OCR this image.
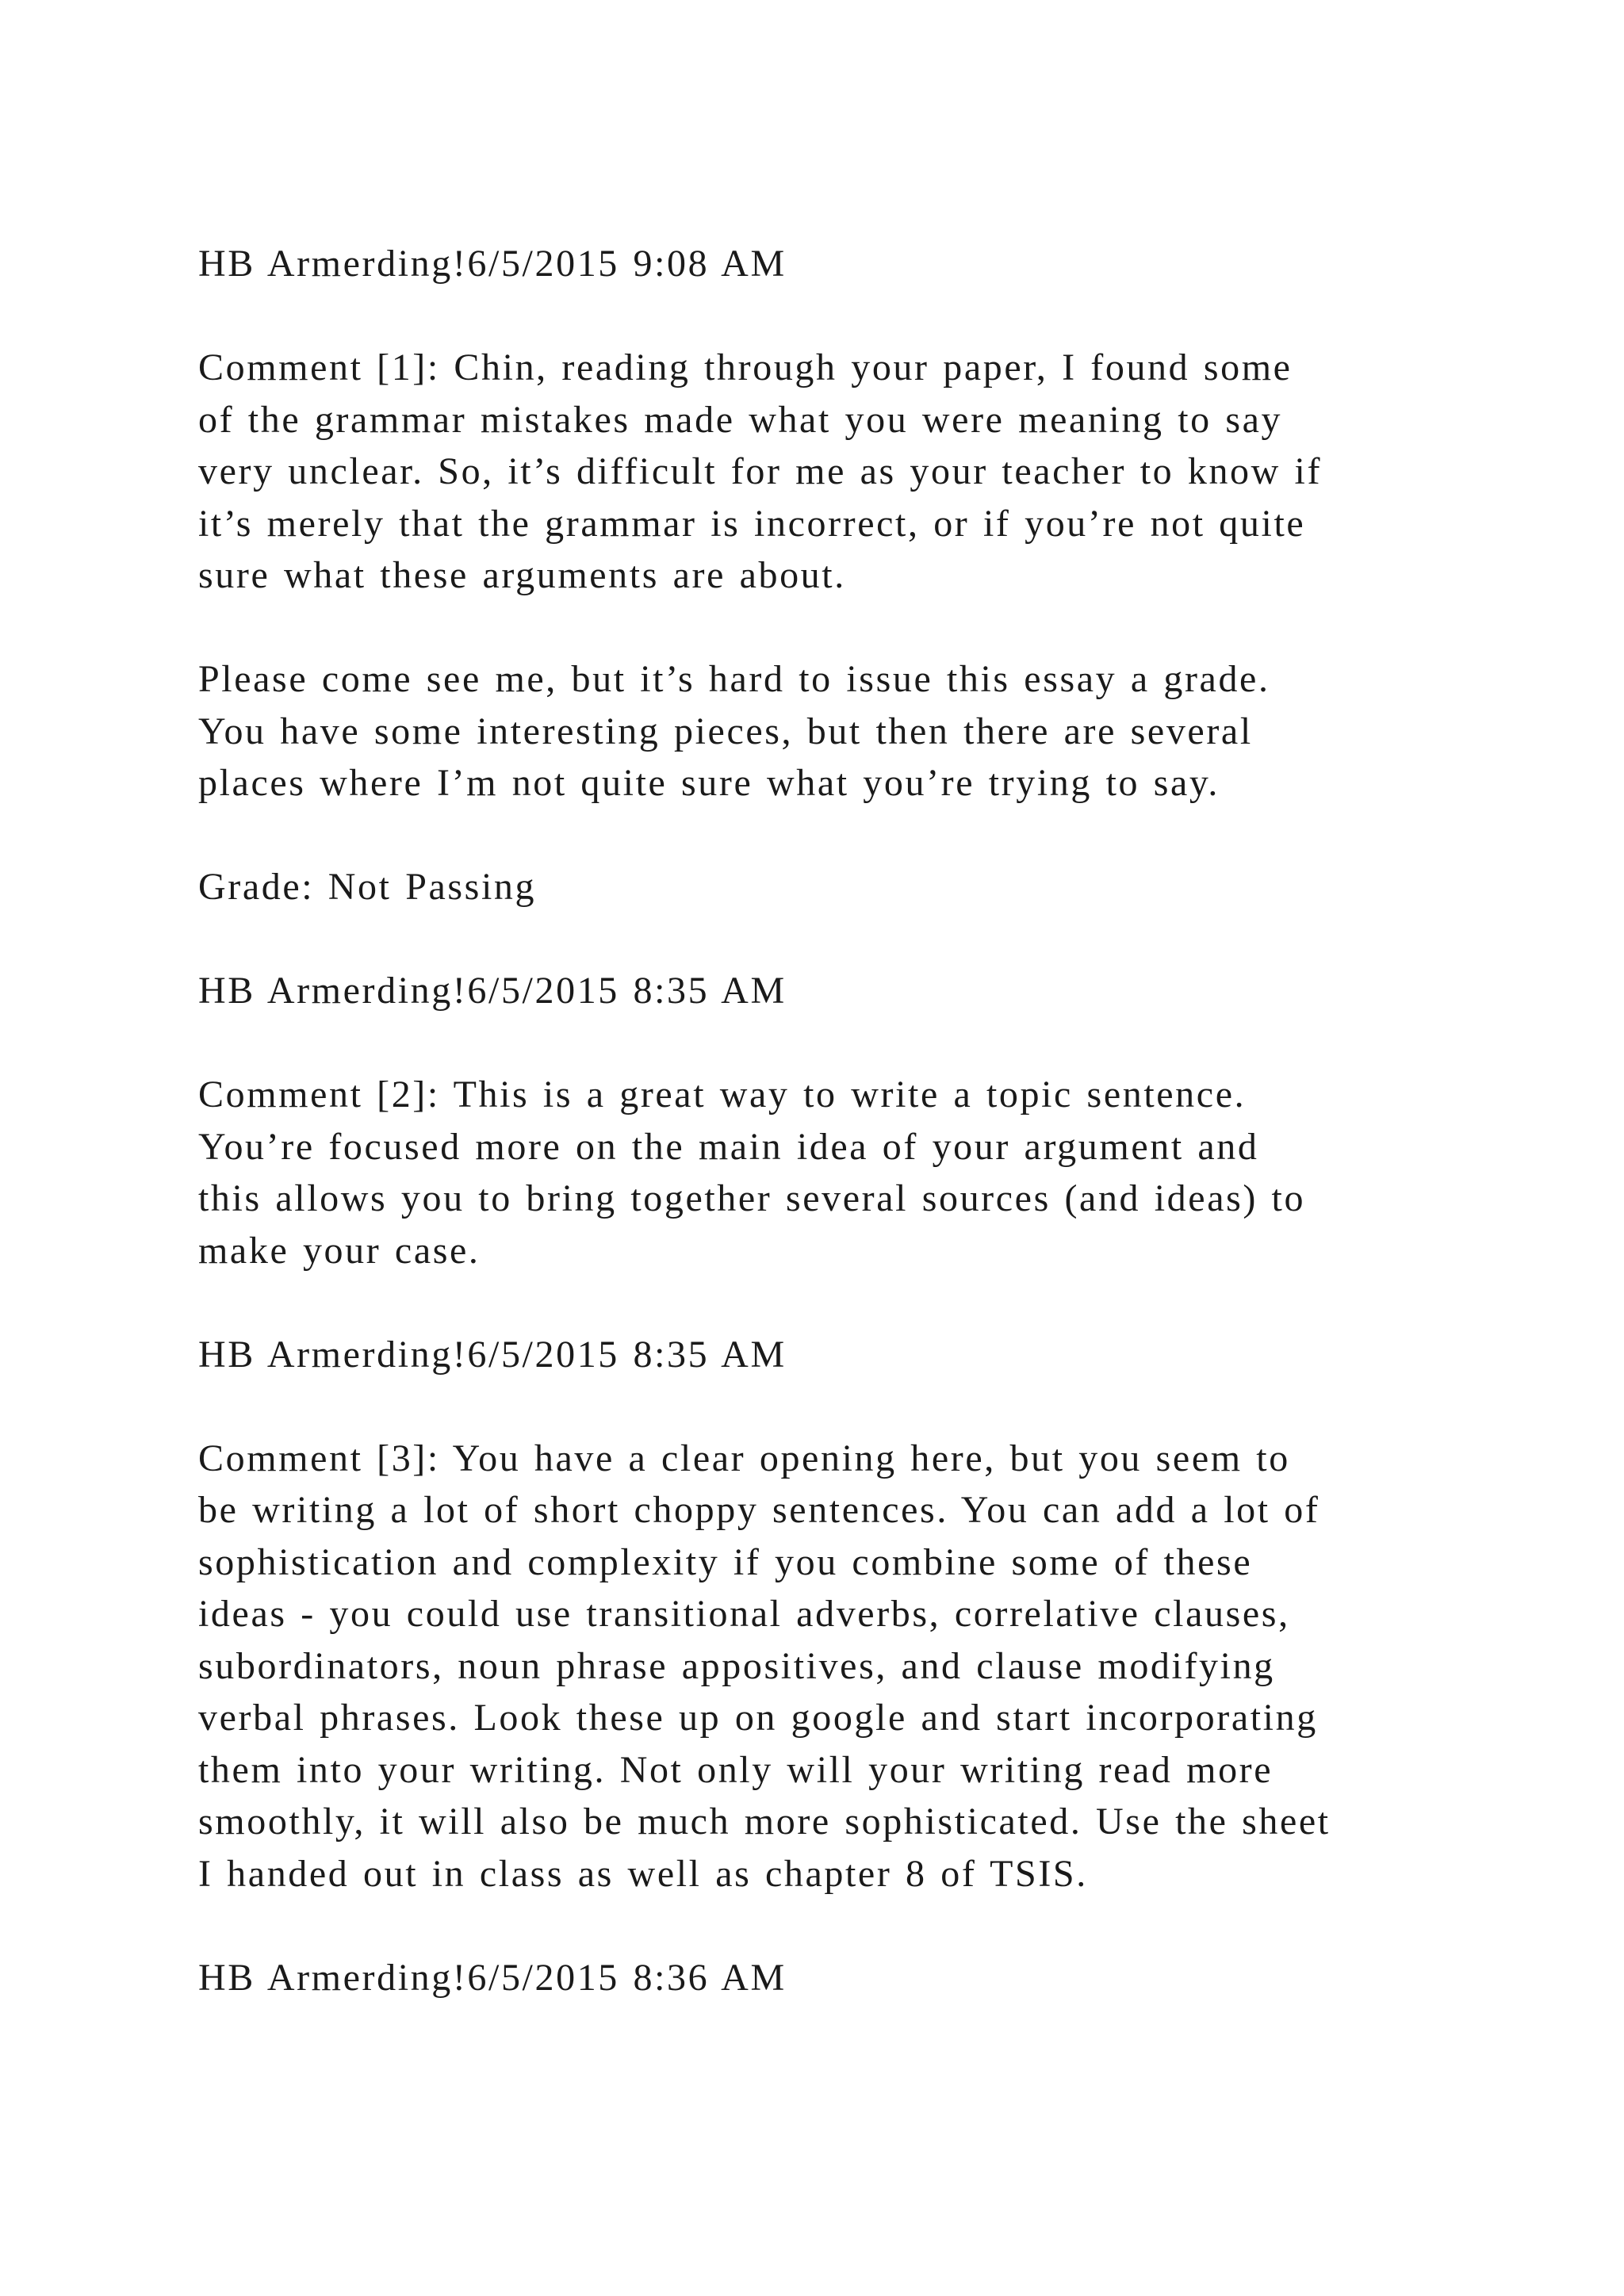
HB Armerding!6/5/2015 9:08 AM

Comment [1]: Chin, reading through your paper, I found some
of the grammar mistakes made what you were meaning to say
very unclear. So, it’s difficult for me as your teacher to know if
it’s merely that the grammar is incorrect, or if you’re not quite
sure what these arguments are about.

Please come see me, but it’s hard to issue this essay a grade.
You have some interesting pieces, but then there are several
places where I’m not quite sure what you’re trying to say.

Grade: Not Passing

HB Armerding!6/5/2015 8:35 AM

Comment [2]: This is a great way to write a topic sentence.
You’re focused more on the main idea of your argument and
this allows you to bring together several sources (and ideas) to
make your case.

HB Armerding!6/5/2015 8:35 AM

Comment [3]: You have a clear opening here, but you seem to
be writing a lot of short choppy sentences. You can add a lot of
sophistication and complexity if you combine some of these
ideas - you could use transitional adverbs, correlative clauses,
subordinators, noun phrase appositives, and clause modifying
verbal phrases. Look these up on google and start incorporating
them into your writing. Not only will your writing read more
smoothly, it will also be much more sophisticated. Use the sheet
I handed out in class as well as chapter 8 of TSIS.

HB Armerding!6/5/2015 8:36 AM
